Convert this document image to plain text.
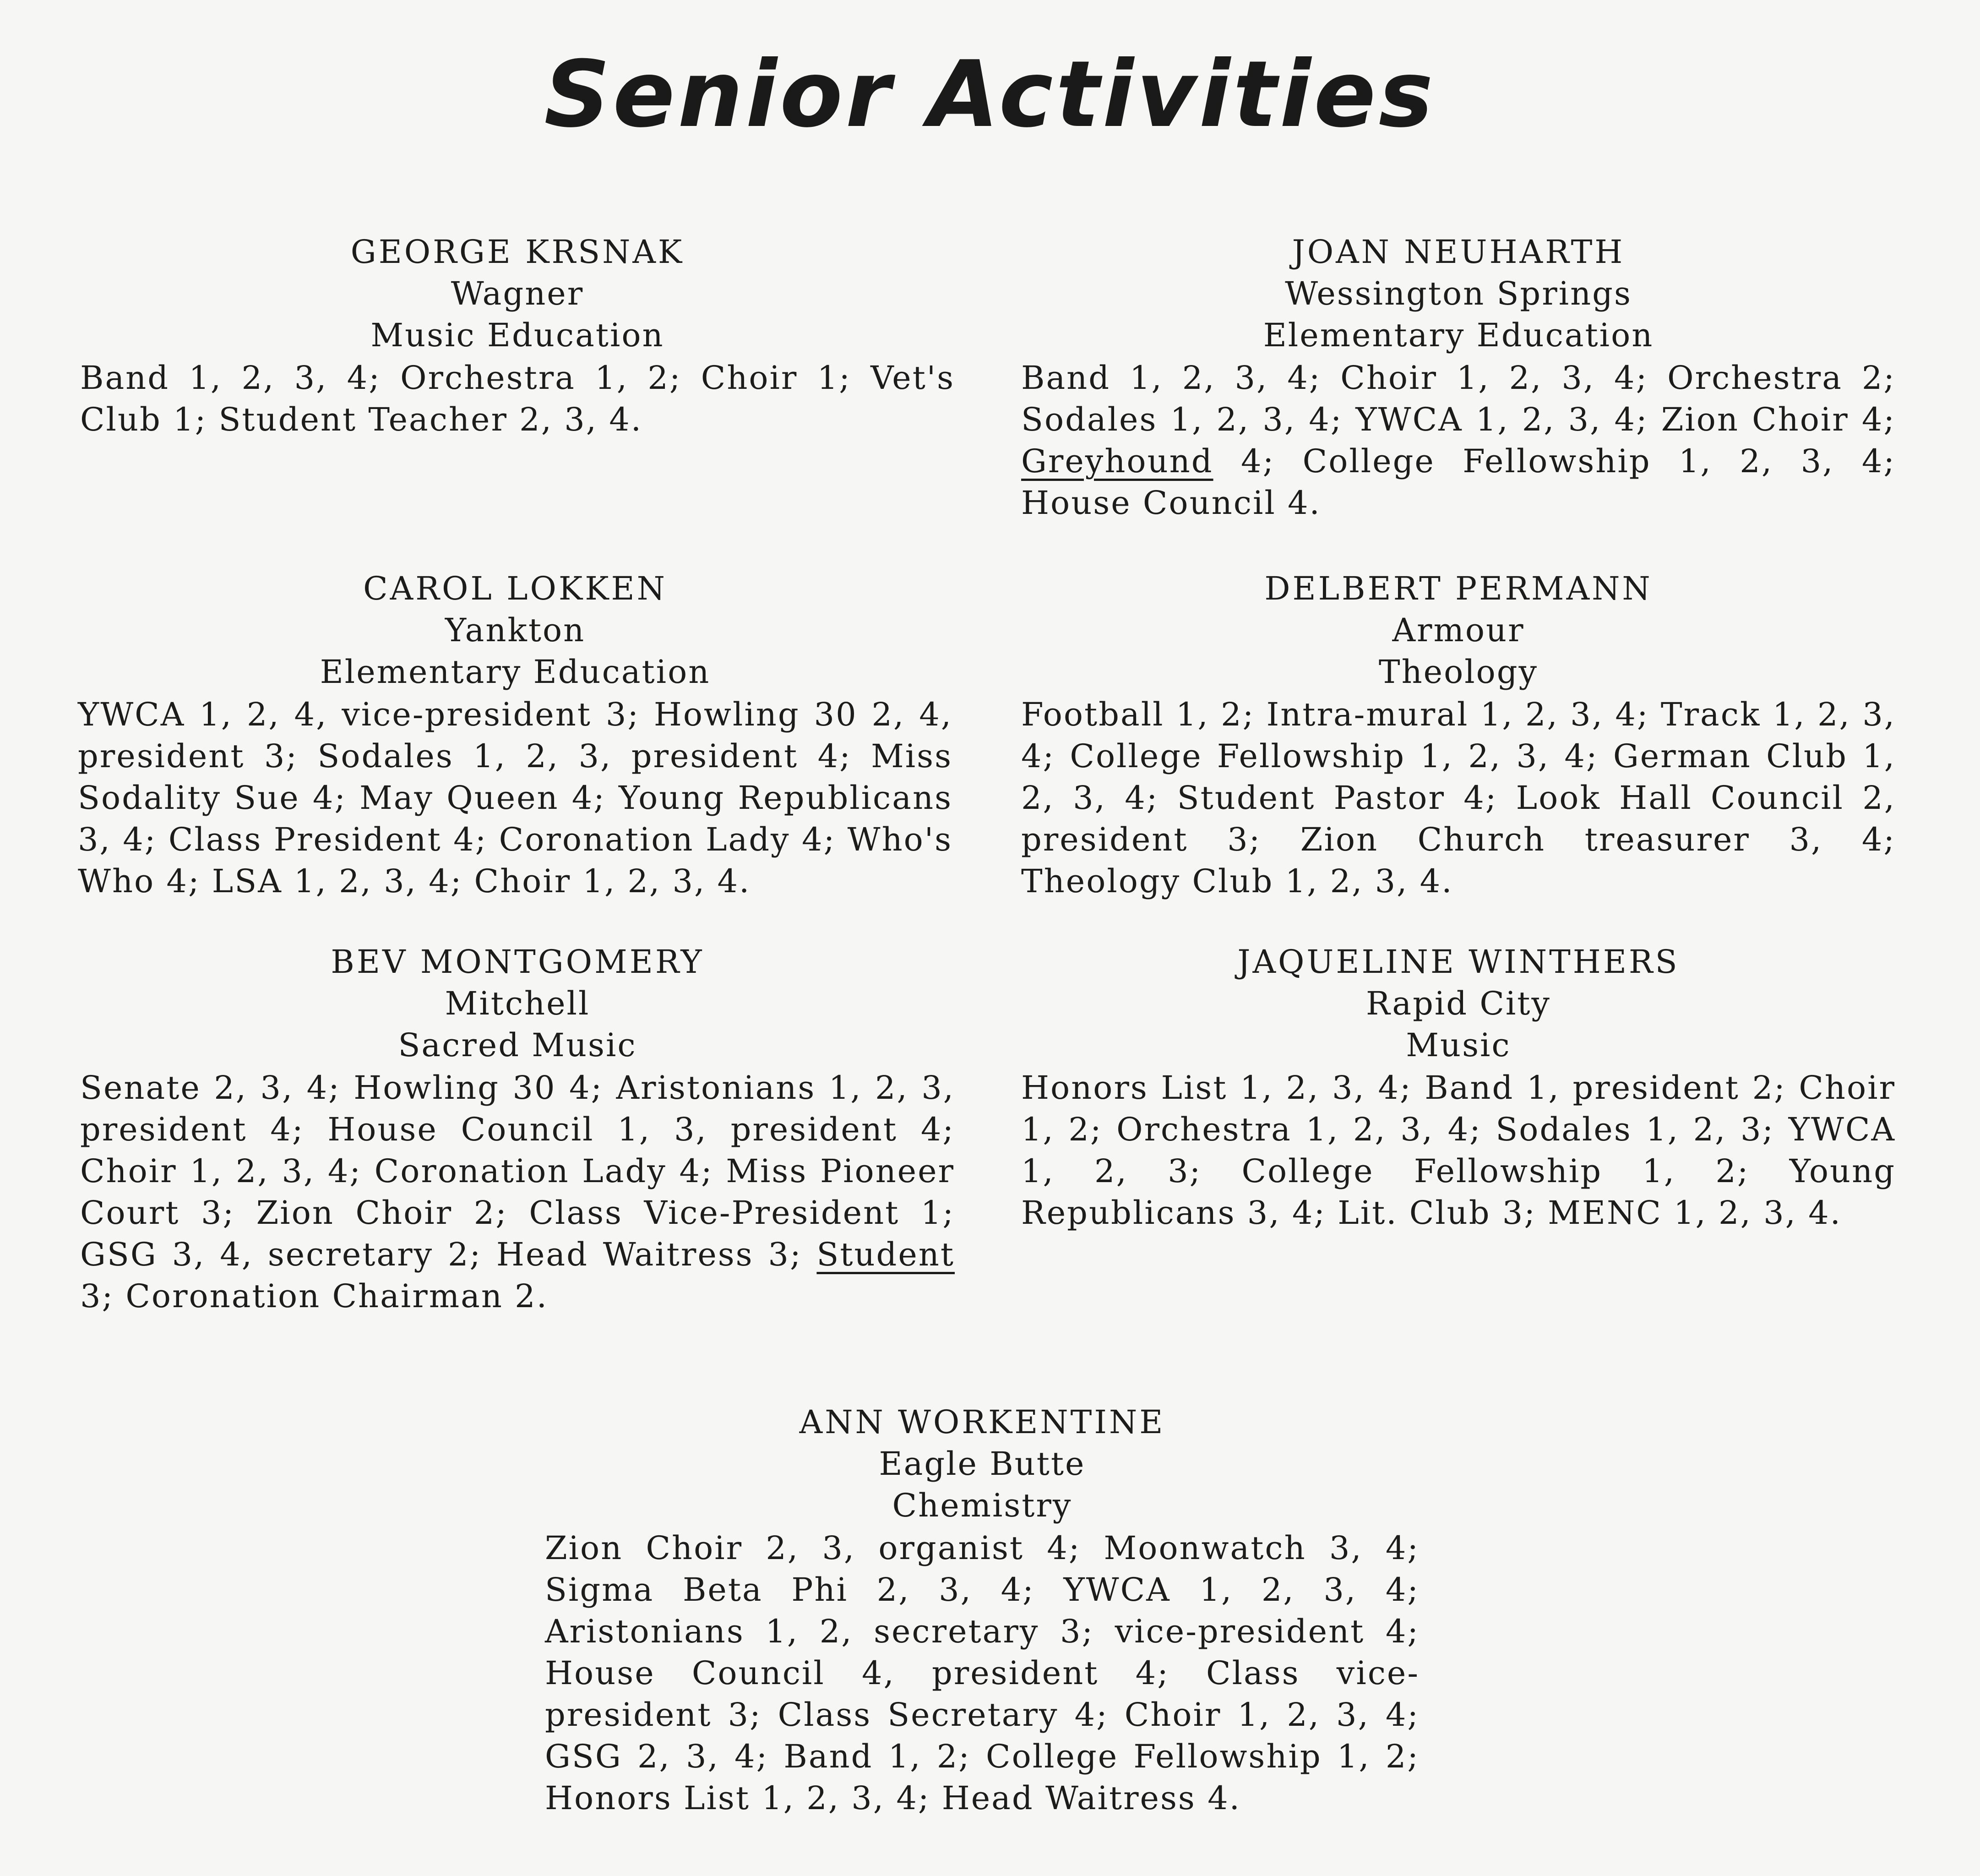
Senior Activities
GEORGE KRSNAK
Wagner
Music Education
Band 1, 2, 3, 4; Orchestra 1, 2; Choir 1; Vet's Club 1; Student Teacher 2, 3, 4.
JOAN NEUHARTH
Wessington Springs
Elementary Education
Band 1, 2, 3, 4; Choir 1, 2, 3, 4; Orchestra 2; Sodales 1, 2, 3, 4; YWCA 1, 2, 3, 4; Zion Choir 4; Greyhound 4; College Fellowship 1, 2, 3, 4; House Council 4.
CAROL LOKKEN
Yankton
Elementary Education
YWCA 1, 2, 4, vice-president 3; Howling 30 2, 4, president 3; Sodales 1, 2, 3, president 4; Miss Sodality Sue 4; May Queen 4; Young Republicans 3, 4; Class President 4; Coronation Lady 4; Who's Who 4; LSA 1, 2, 3, 4; Choir 1, 2, 3, 4.
DELBERT PERMANN
Armour
Theology
Football 1, 2; Intra-mural 1, 2, 3, 4; Track 1, 2, 3, 4; College Fellowship 1, 2, 3, 4; German Club 1, 2, 3, 4; Student Pastor 4; Look Hall Council 2, president 3; Zion Church treasurer 3, 4; Theology Club 1, 2, 3, 4.
BEV MONTGOMERY
Mitchell
Sacred Music
Senate 2, 3, 4; Howling 30 4; Aristonians 1, 2, 3, president 4; House Council 1, 3, president 4; Choir 1, 2, 3, 4; Coronation Lady 4; Miss Pioneer Court 3; Zion Choir 2; Class Vice-President 1; GSG 3, 4, secretary 2; Head Waitress 3; Student 3; Coronation Chairman 2.
JAQUELINE WINTHERS
Rapid City
Music
Honors List 1, 2, 3, 4; Band 1, president 2; Choir 1, 2; Orchestra 1, 2, 3, 4; Sodales 1, 2, 3; YWCA 1, 2, 3; College Fellowship 1, 2; Young Republicans 3, 4; Lit. Club 3; MENC 1, 2, 3, 4.
ANN WORKENTINE
Eagle Butte
Chemistry
Zion Choir 2, 3, organist 4; Moonwatch 3, 4; Sigma Beta Phi 2, 3, 4; YWCA 1, 2, 3, 4; Aristonians 1, 2, secretary 3; vice-president 4; House Council 4, president 4; Class vice-president 3; Class Secretary 4; Choir 1, 2, 3, 4; GSG 2, 3, 4; Band 1, 2; College Fellowship 1, 2; Honors List 1, 2, 3, 4; Head Waitress 4.
